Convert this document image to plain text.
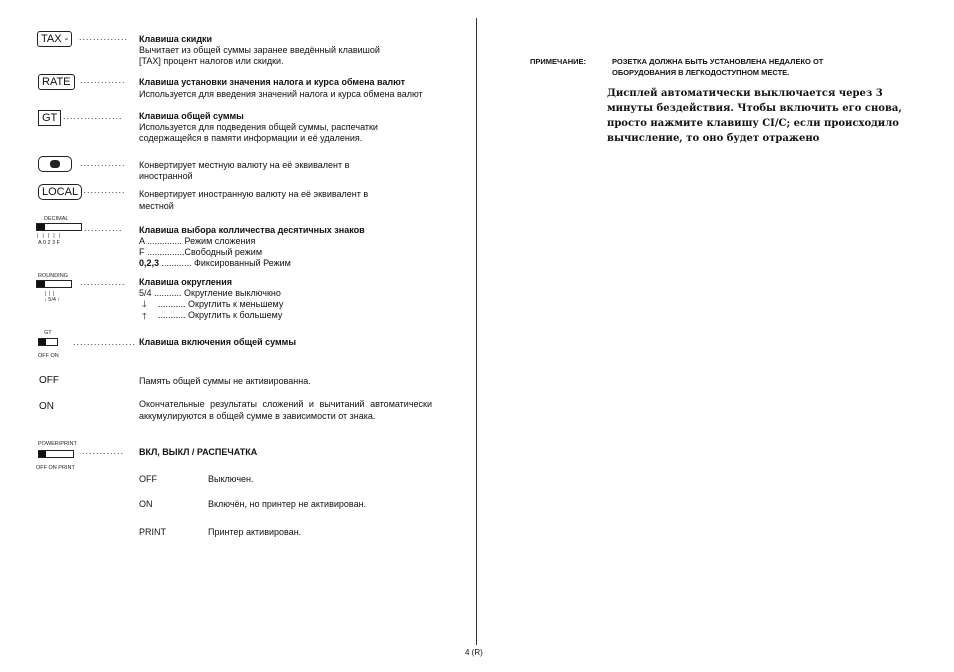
TAX -	.............. Клавиша скидки
Вычитает из общей суммы заранее введённый клавишой
[TAX] процент налогов или скидки.
RATE	............. Клавиша установки значения налога и курса обмена валют
Используется для введения значений налога и курса обмена валют
GT ................. Клавиша общей суммы
Используется для подведения общей суммы, распечатки
содержащейся в памяти информации и её удаления.
............. Конвертирует местную валюту на её эквивалент в
иностранной
LOCAL ............. Конвертирует иностранную валюту на её эквивалент в
местной
DECIMAL
|   |   |   |   |
A 0 2 3 F
........... Клавиша выбора колличества десятичных знаков
A .............. Режим сложения
F ...............Свободный режим
0,2,3 ............ Фиксированный Режим
ROUNDING
|  |  |
↓ 5/4 ↑
............. Клавиша округления
5/4 ........... Округление выключкно
🡓 ........... Округлить к меньшему
🡑 ........... Округлить к большему
GT
OFF ON
.................. Клавиша включения общей суммы
OFF	Память общей суммы не активированна.
ON	Окончательные результаты сложений и вычитаний автоматически аккумулируются в общей сумме в зависимости от знака.
POWER/PRINT
OFF ON PRINT
............ ВКЛ, ВЫКЛ / РАСПЕЧАТКА
OFF	Выключен.
ON	Включён, но принтер не активирован.
PRINT	Принтер активирован.
ПРИМЕЧАНИЕ:	РОЗЕТКА ДОЛЖНА БЫТЬ УСТАНОВЛЕНА НЕДАЛЕКО ОТ
ОБОРУДОВАНИЯ В ЛЕГКОДОСТУПНОМ МЕСТЕ.
Дисплей автоматически выключается через 3 минуты бездействия. Чтобы включить его снова, просто нажмите клавишу CI/C; если происходило вычисление, то оно будет отражено
4 (R)
